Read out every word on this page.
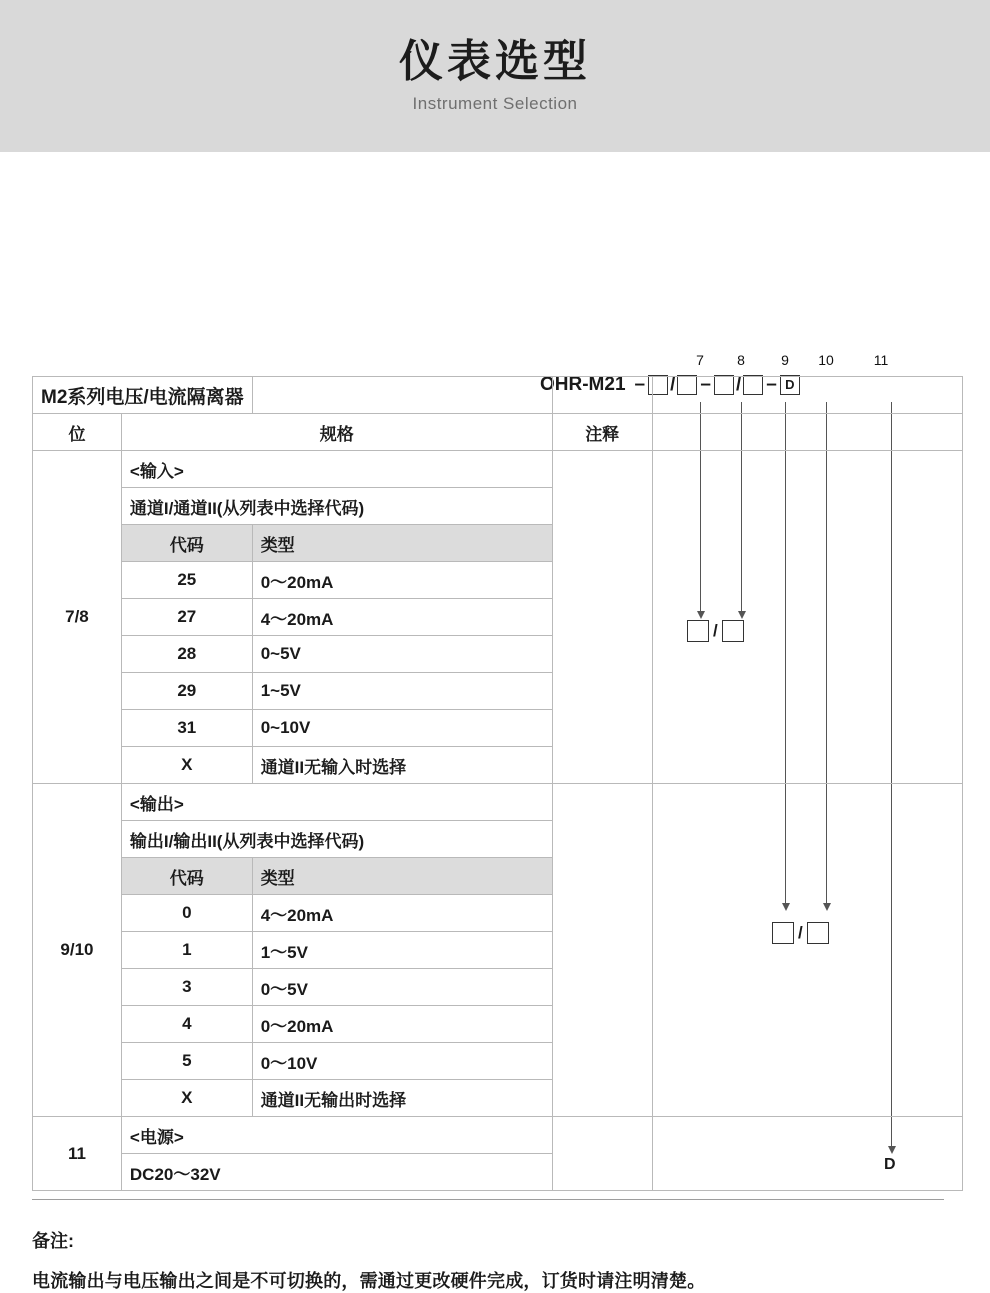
仪表选型
Instrument Selection
7	8	9	10	11
OHR-M21 – / – / – D
/
/
D
M2系列电压/电流隔离器				
位	规格		注释	
7/8	<输入>			
	通道I/通道II(从列表中选择代码)			
	代码	类型		
	25	0～20mA		
	27	4～20mA		
	28	0~5V		
	29	1~5V		
	31	0~10V		
	X	通道II无输入时选择		
9/10	<输出>			
	输出I/输出II(从列表中选择代码)			
	代码	类型		
	0	4～20mA		
	1	1～5V		
	3	0～5V		
	4	0～20mA		
	5	0～10V		
	X	通道II无输出时选择		
11	<电源>			
	DC20～32V			
备注:
电流输出与电压输出之间是不可切换的，需通过更改硬件完成，订货时请注明清楚。
